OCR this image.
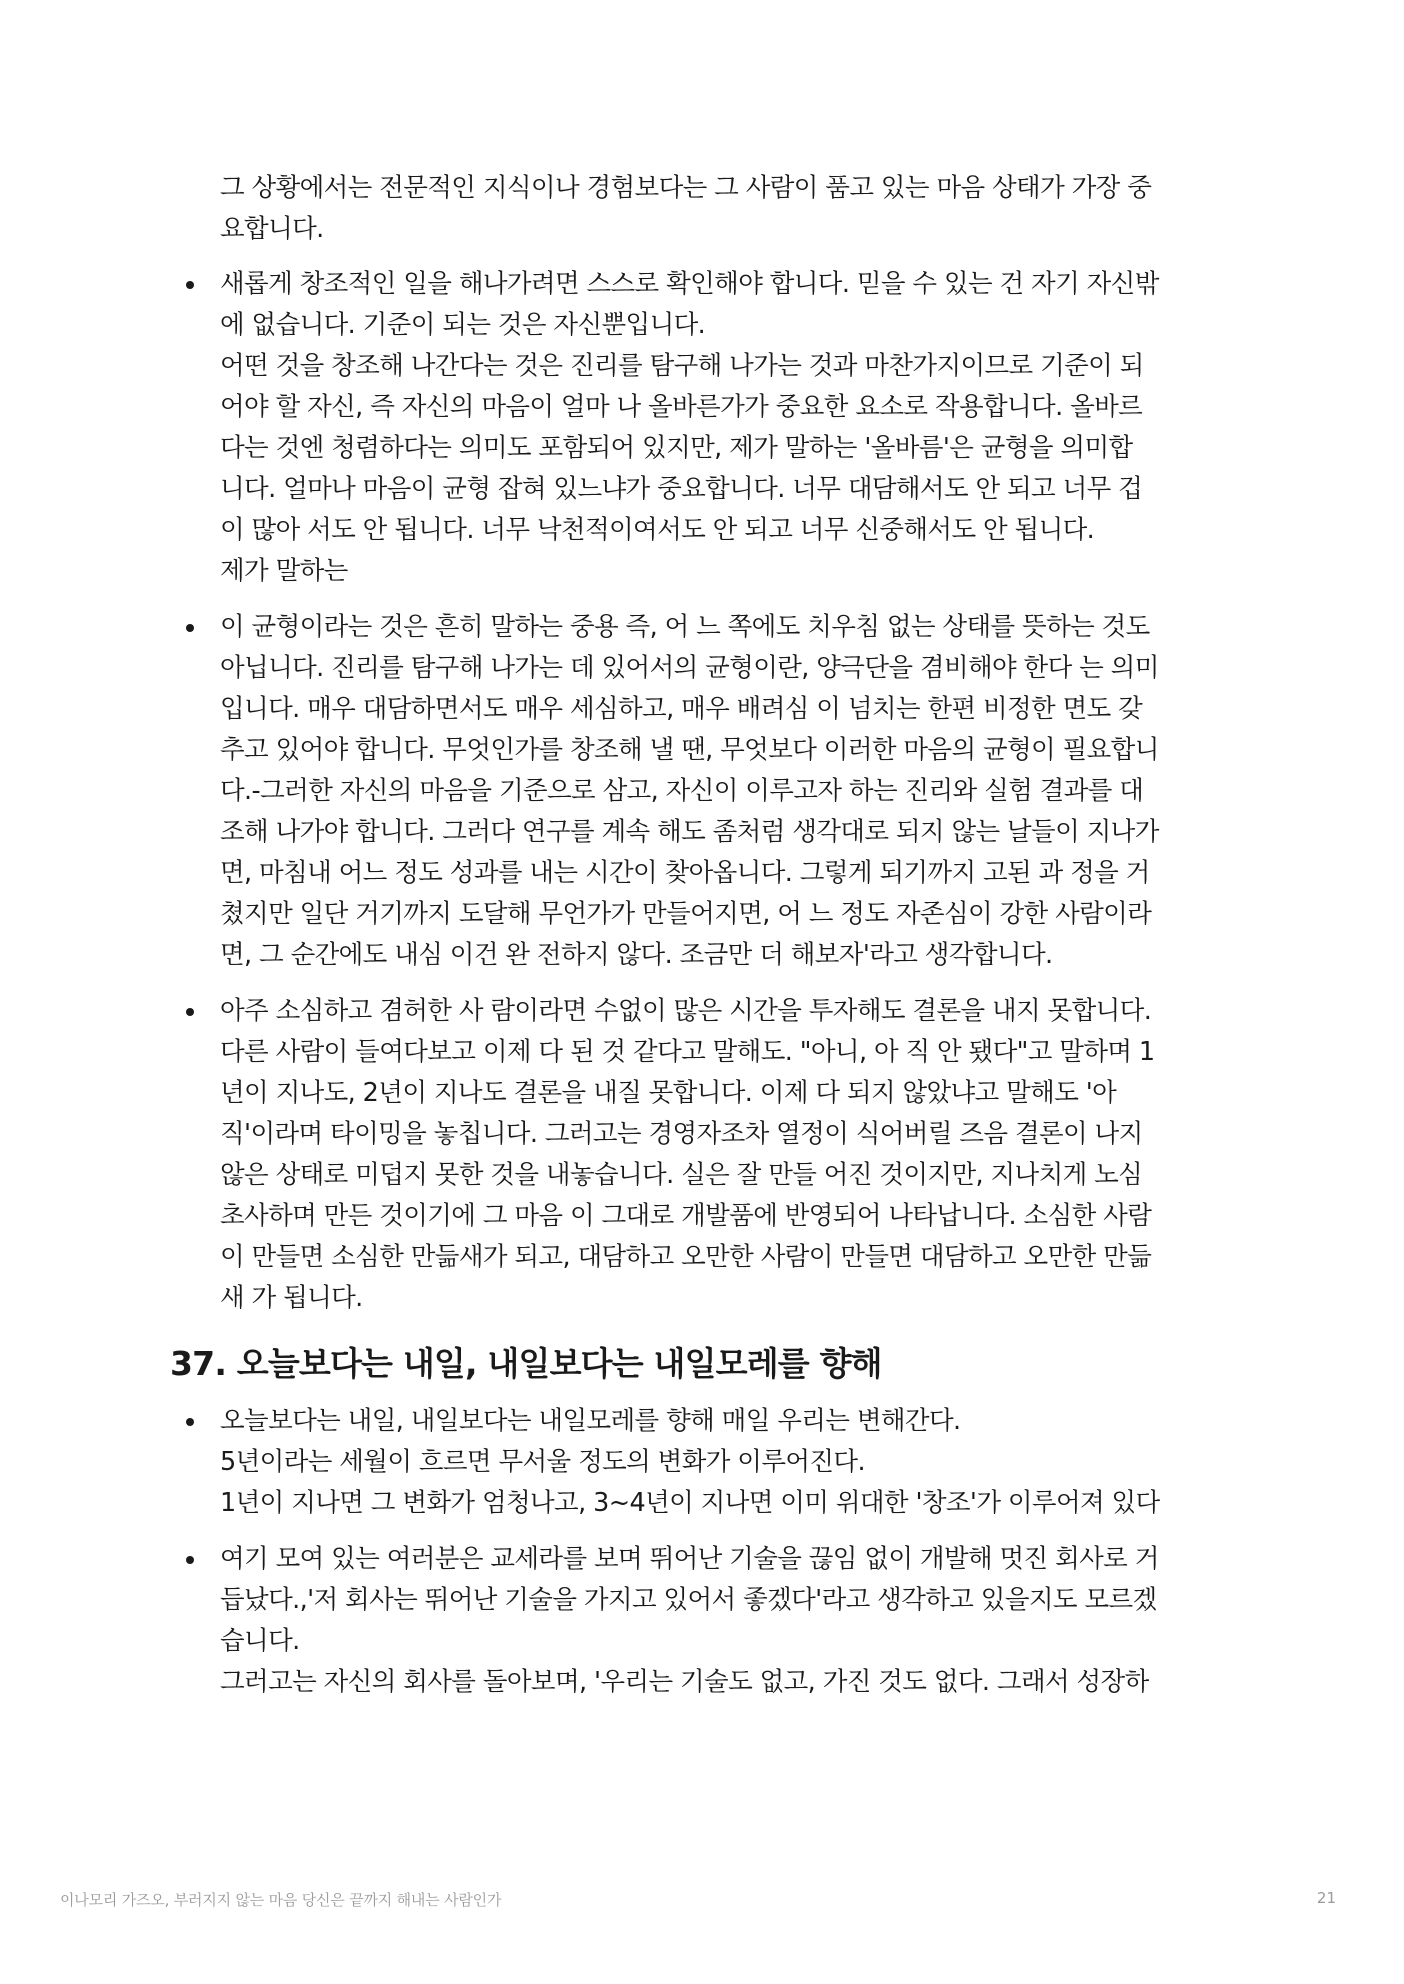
그 상황에서는 전문적인 지식이나 경험보다는 그 사람이 품고 있는 마음 상태가 가장 중
요합니다.
새롭게 창조적인 일을 해나가려면 스스로 확인해야 합니다. 믿을 수 있는 건 자기 자신밖
에 없습니다. 기준이 되는 것은 자신뿐입니다.
어떤 것을 창조해 나간다는 것은 진리를 탐구해 나가는 것과 마찬가지이므로 기준이 되
어야 할 자신, 즉 자신의 마음이 얼마 나 올바른가가 중요한 요소로 작용합니다. 올바르
다는 것엔 청렴하다는 의미도 포함되어 있지만, 제가 말하는 '올바름'은 균형을 의미합
니다. 얼마나 마음이 균형 잡혀 있느냐가 중요합니다. 너무 대담해서도 안 되고 너무 겁
이 많아 서도 안 됩니다. 너무 낙천적이여서도 안 되고 너무 신중해서도 안 됩니다.
제가 말하는
이 균형이라는 것은 흔히 말하는 중용 즉, 어 느 쪽에도 치우침 없는 상태를 뜻하는 것도
아닙니다. 진리를 탐구해 나가는 데 있어서의 균형이란, 양극단을 겸비해야 한다 는 의미
입니다. 매우 대담하면서도 매우 세심하고, 매우 배려심 이 넘치는 한편 비정한 면도 갖
추고 있어야 합니다. 무엇인가를 창조해 낼 땐, 무엇보다 이러한 마음의 균형이 필요합니
다.-그러한 자신의 마음을 기준으로 삼고, 자신이 이루고자 하는 진리와 실험 결과를 대
조해 나가야 합니다. 그러다 연구를 계속 해도 좀처럼 생각대로 되지 않는 날들이 지나가
면, 마침내 어느 정도 성과를 내는 시간이 찾아옵니다. 그렇게 되기까지 고된 과 정을 거
쳤지만 일단 거기까지 도달해 무언가가 만들어지면, 어 느 정도 자존심이 강한 사람이라
면, 그 순간에도 내심 이건 완 전하지 않다. 조금만 더 해보자'라고 생각합니다.
아주 소심하고 겸허한 사 람이라면 수없이 많은 시간을 투자해도 결론을 내지 못합니다.
다른 사람이 들여다보고 이제 다 된 것 같다고 말해도. "아니, 아 직 안 됐다"고 말하며 1
년이 지나도, 2년이 지나도 결론을 내질 못합니다. 이제 다 되지 않았냐고 말해도 '아
직'이라며 타이밍을 놓칩니다. 그러고는 경영자조차 열정이 식어버릴 즈음 결론이 나지
않은 상태로 미덥지 못한 것을 내놓습니다. 실은 잘 만들 어진 것이지만, 지나치게 노심
초사하며 만든 것이기에 그 마음 이 그대로 개발품에 반영되어 나타납니다. 소심한 사람
이 만들면 소심한 만듦새가 되고, 대담하고 오만한 사람이 만들면 대담하고 오만한 만듦
새 가 됩니다.
37. 오늘보다는 내일, 내일보다는 내일모레를 향해
오늘보다는 내일, 내일보다는 내일모레를 향해 매일 우리는 변해간다.
5년이라는 세월이 흐르면 무서울 정도의 변화가 이루어진다.
1년이 지나면 그 변화가 엄청나고, 3~4년이 지나면 이미 위대한 '창조'가 이루어져 있다
여기 모여 있는 여러분은 교세라를 보며 뛰어난 기술을 끊임 없이 개발해 멋진 회사로 거
듭났다.,'저 회사는 뛰어난 기술을 가지고 있어서 좋겠다'라고 생각하고 있을지도 모르겠
습니다.
그러고는 자신의 회사를 돌아보며, '우리는 기술도 없고, 가진 것도 없다. 그래서 성장하
이나모리 가즈오, 부러지지 않는 마음 당신은 끝까지 해내는 사람인가	21
